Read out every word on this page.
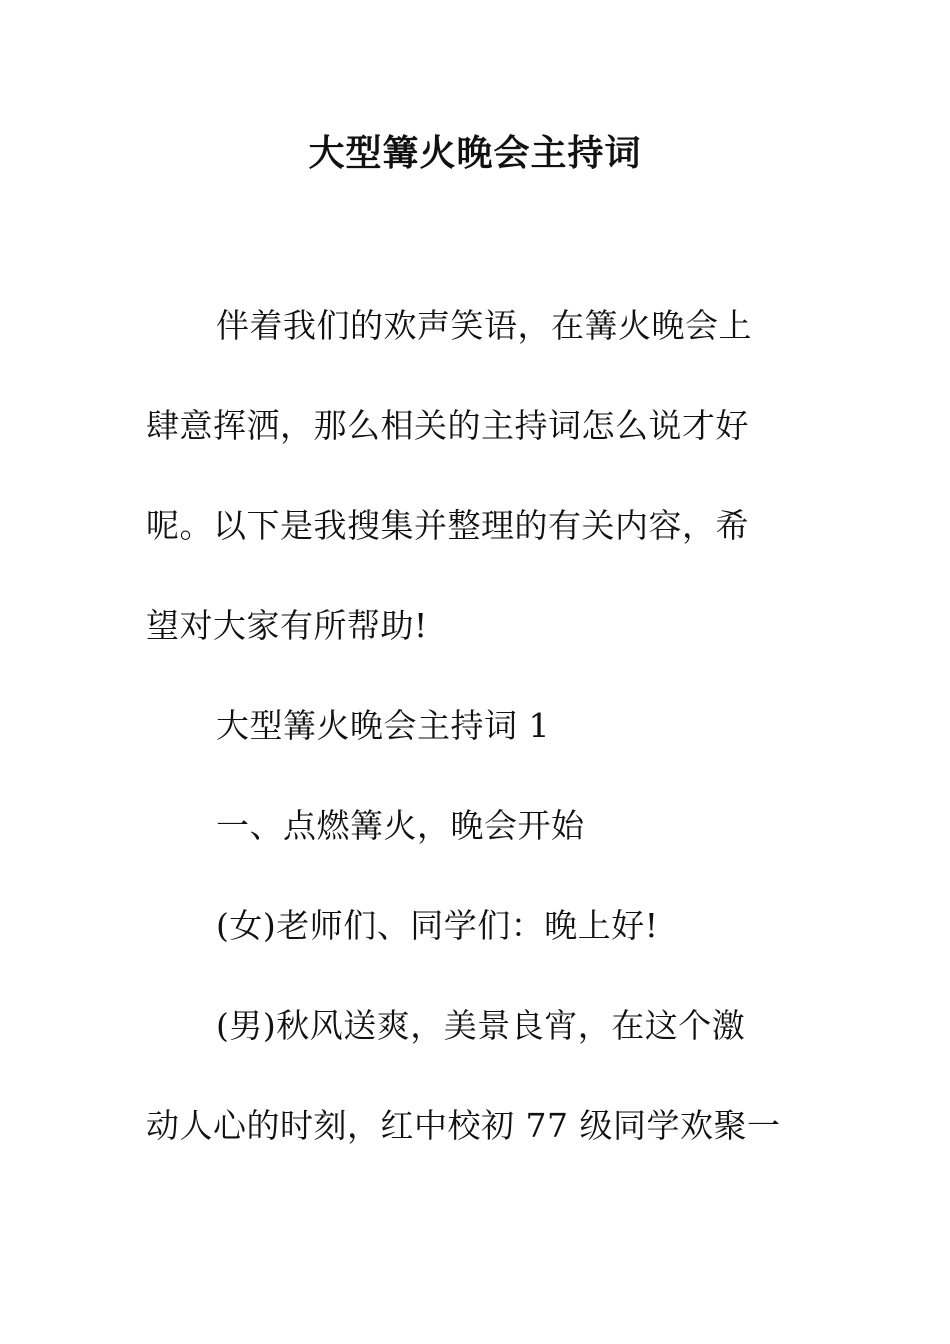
大型篝火晚会主持词
伴着我们的欢声笑语，在篝火晚会上
肆意挥洒，那么相关的主持词怎么说才好
呢。以下是我搜集并整理的有关内容，希
望对大家有所帮助!
大型篝火晚会主持词 1
一、点燃篝火，晚会开始
(女)老师们、同学们：晚上好!
(男)秋风送爽，美景良宵，在这个激
动人心的时刻，红中校初 77 级同学欢聚一
